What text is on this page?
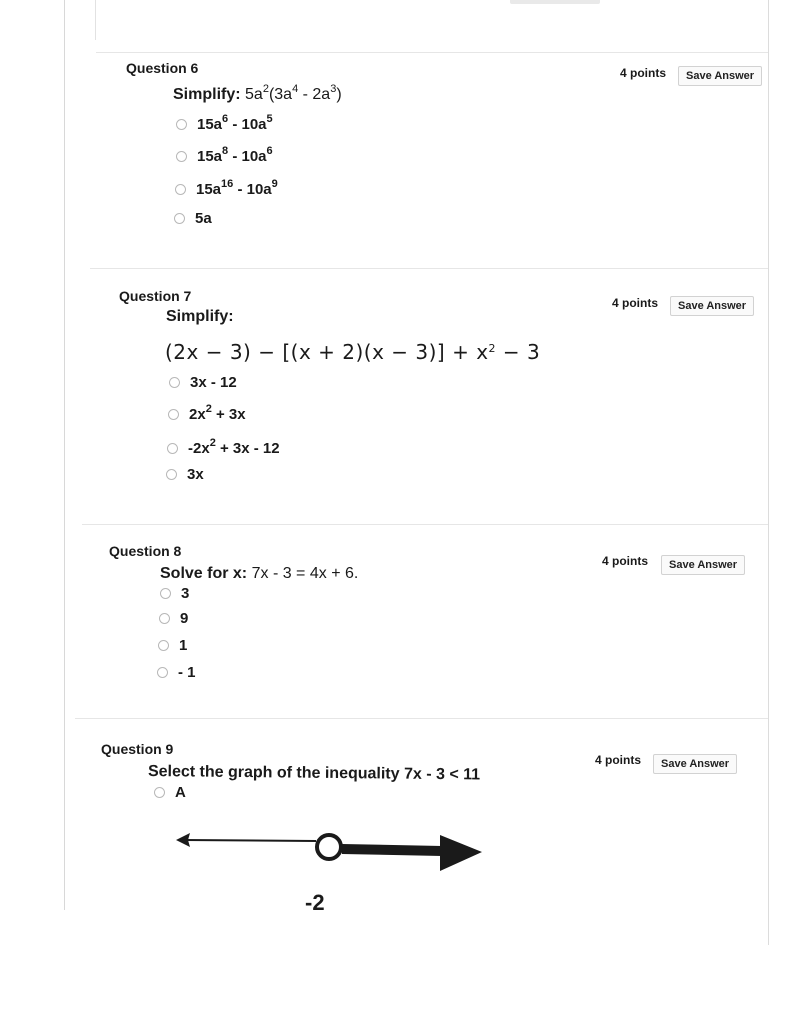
Question 6	4 points	Save Answer
Simplify: $5a^2(3a^4 - 2a^3)$
$15a^6 - 10a^5$
$15a^8 - 10a^6$
$15a^{16} - 10a^9$
5a
Question 7	4 points	Save Answer
Simplify:
$(2x - 3) - [(x + 2)(x - 3)] + x^2 - 3$
3x - 12
$2x^2 + 3x$
$-2x^2 + 3x - 12$
3x
Question 8
4 points	Save Answer
Solve for x: 7x - 3 = 4x + 6.
3
9
1
- 1
Question 9
4 points	Save Answer
Select the graph of the inequality 7x - 3 < 11
A
-2
